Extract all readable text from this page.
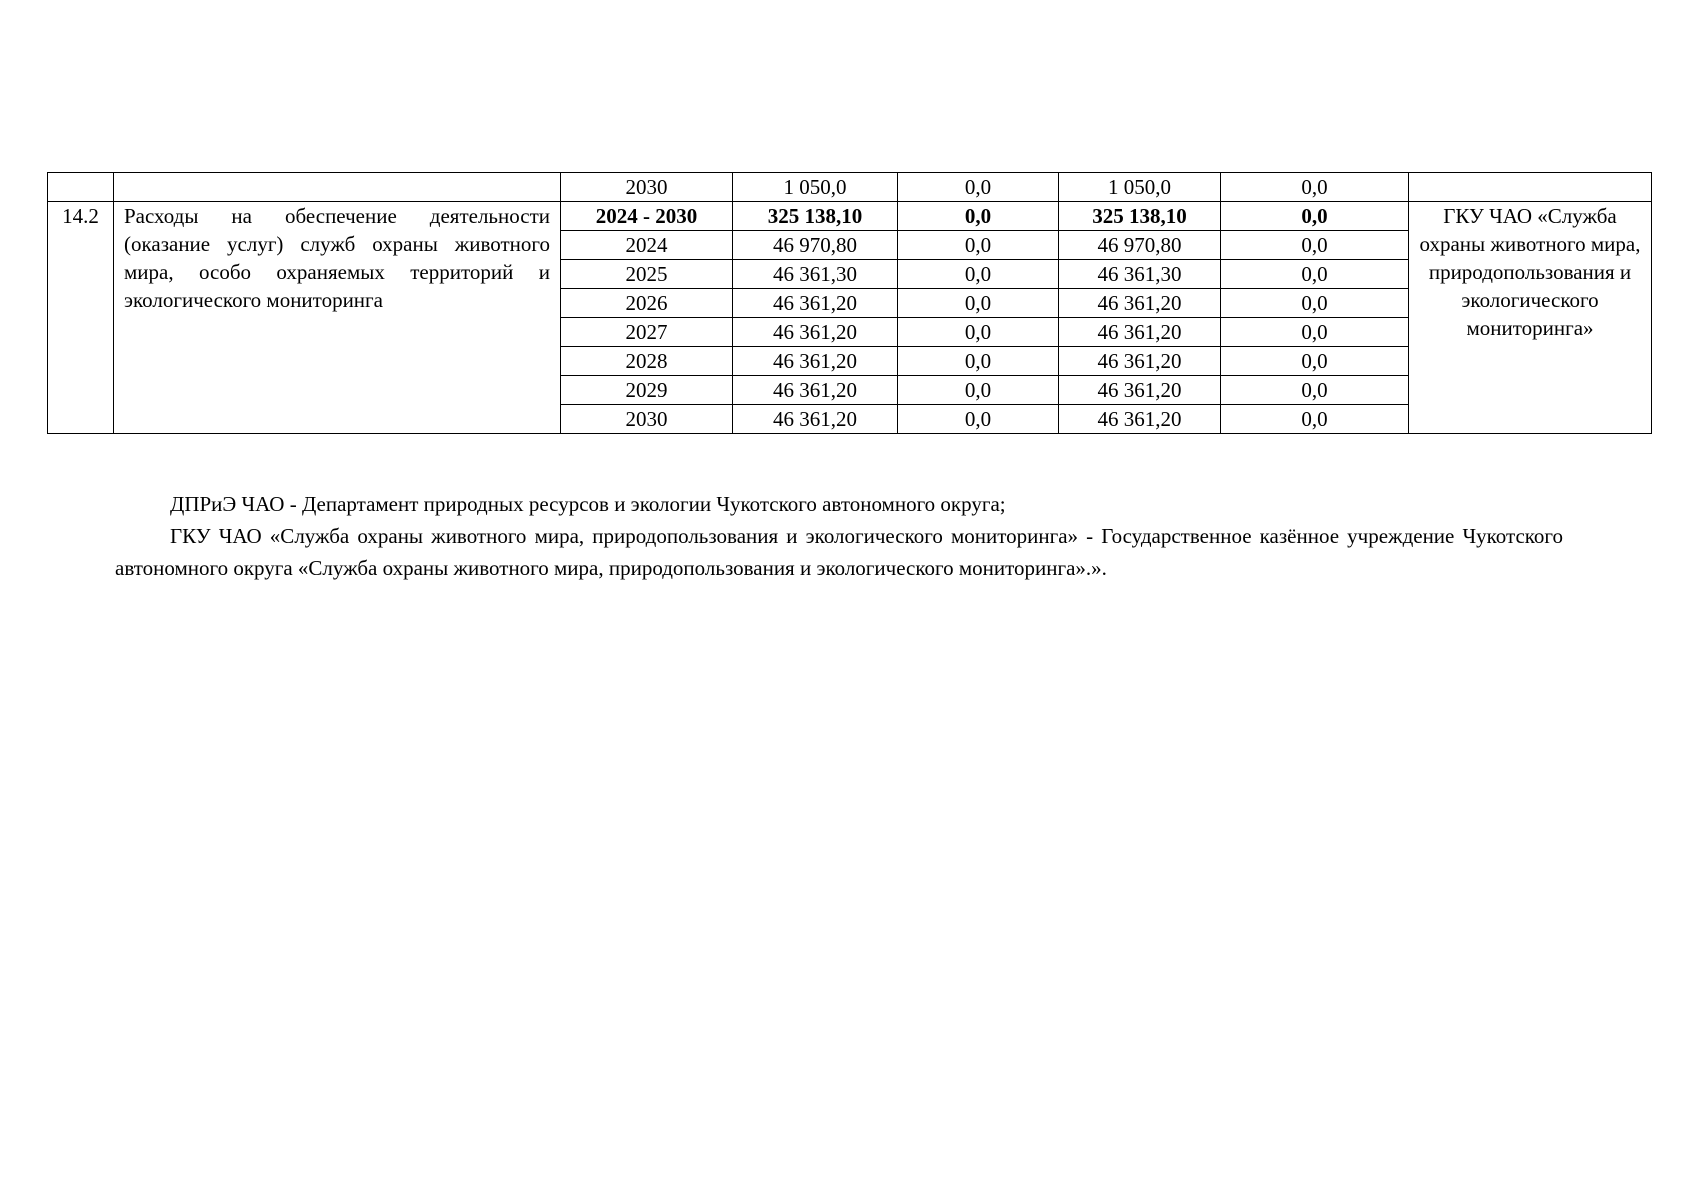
		2030	1 050,0	0,0	1 050,0	0,0	
14.2	Расходы на обеспечение деятельности (оказание услуг) служб охраны животного мира, особо охраняемых территорий и экологического мониторинга	2024 - 2030	325 138,10	0,0	325 138,10	0,0	ГКУ ЧАО «Служба охраны животного мира, природопользования и экологического мониторинга»
		2024	46 970,80	0,0	46 970,80	0,0	
		2025	46 361,30	0,0	46 361,30	0,0	
		2026	46 361,20	0,0	46 361,20	0,0	
		2027	46 361,20	0,0	46 361,20	0,0	
		2028	46 361,20	0,0	46 361,20	0,0	
		2029	46 361,20	0,0	46 361,20	0,0	
		2030	46 361,20	0,0	46 361,20	0,0	

ДПРиЭ ЧАО - Департамент природных ресурсов и экологии Чукотского автономного округа;

ГКУ ЧАО «Служба охраны животного мира, природопользования и экологического мониторинга» - Государственное казённое учреждение Чукотского автономного округа «Служба охраны животного мира, природопользования и экологического мониторинга».».
